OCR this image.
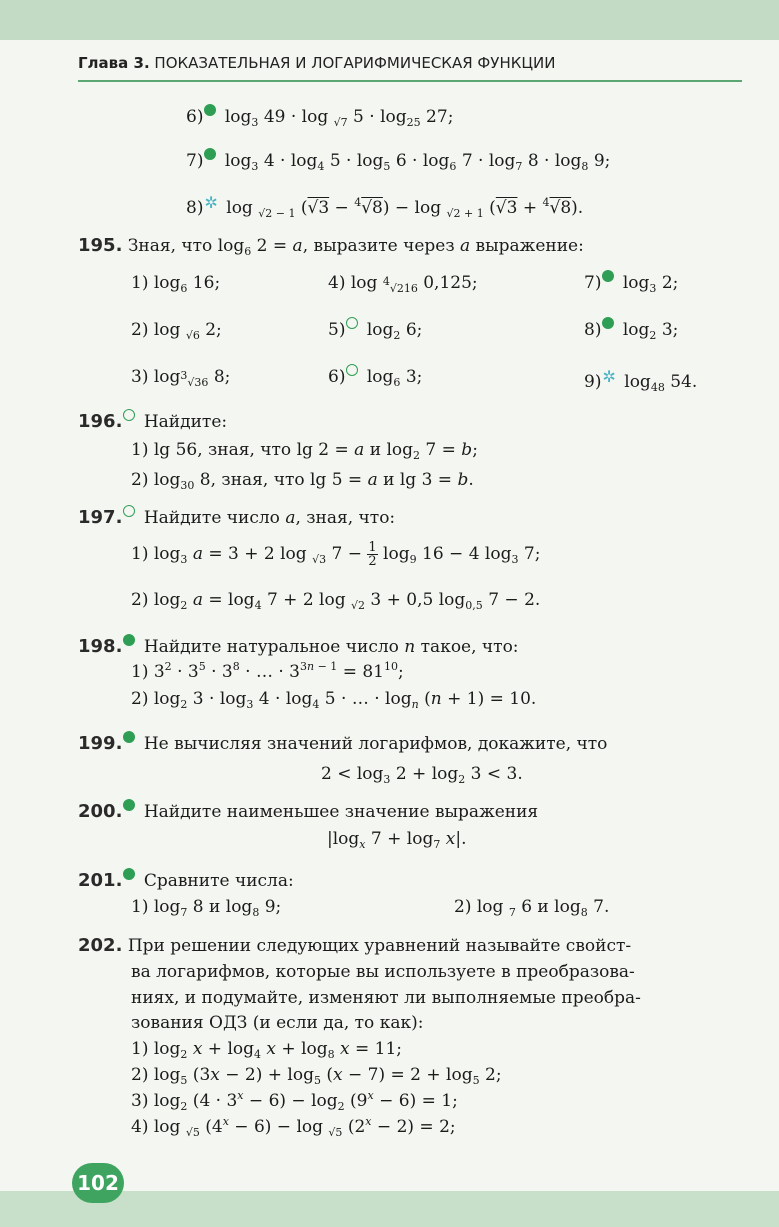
Глава 3. ПОКАЗАТЕЛЬНАЯ И ЛОГАРИФМИЧЕСКАЯ ФУНКЦИИ
6) $\log_3 49 \cdot \log _{√7}$ $5 \cdot \log_{25} 27$;
7) $\log_3 4 \cdot \log_4 5 \cdot \log_5 6 \cdot \log_6 7 \cdot \log_7 8 \cdot \log_8 9$;
8)✲ log $_{√2 - 1}$ (√3 − $^4$√8) − log $_{√2 + 1}$ (√3 + $^4$√8).
195. Зная, что $\log_6 2 = a$, выразите через a выражение:
1) $\log_6 16$;	4) log $_{^4√216}$ 0,125;	7) $\log_3 2$;
2) log $_{√6}$ 2;	5) $\log_2 6$;	8) $\log_2 3$;
3) $\log_{^3√36} 8$;	6) $\log_6 3$;	9)✲ $\log_{48} 54$.
196. Найдите:
1) lg 56, зная, что lg 2 = a и $\log_2 7 = b$;
2) $\log_{30} 8$, зная, что lg 5 = a и lg 3 = b.
197. Найдите число a, зная, что:
1) $\log_3 a = 3 + 2$ log $_{√3}$ $7 - \frac{1}{2} \log_9 16 - 4$ $\log_3 7$;
2) $\log_2 a = \log_4 7 + 2$ log $_{√2}$ 3 + 0,5 $\log_{0,5} 7 - 2$.
198. Найдите натуральное число n такое, что:
1) $3^2 \cdot 3^5 \cdot 3^8$ · … · $3^{3n - 1} = 81^{10}$;
2) $\log_2 3 \cdot \log_3 4 \cdot \log_4 5$ · … · $\log_n (n + 1) = 10$.
199. Не вычисляя значений логарифмов, докажите, что
$2 < \log_3 2 + \log_2 3 < 3$.
200. Найдите наименьшее значение выражения
$|\log_x$ $7 + \log_7 x|$.
201. Сравните числа:
1) $\log_7 8$ и $\log_8 9$;	2) log $_7$ 6 и $\log_8 7$.
202. При решении следующих уравнений называйте свойст-
ва логарифмов, которые вы используете в преобразова-
ниях, и подумайте, изменяют ли выполняемые преобра-
зования ОДЗ (и если да, то как):
1) $\log_2 x + \log_4 x + \log_8 x = 11$;
2) $\log_5 (3x - 2) + \log_5 (x - 7) = 2 + \log_5 2$;
3) $\log_2 (4 \cdot 3^x - 6) - \log_2 (9^x - 6) = 1$;
4) log $_{√5}$ $(4^x - 6) - \log _{√5}$ $(2^x - 2) = 2$;
102
